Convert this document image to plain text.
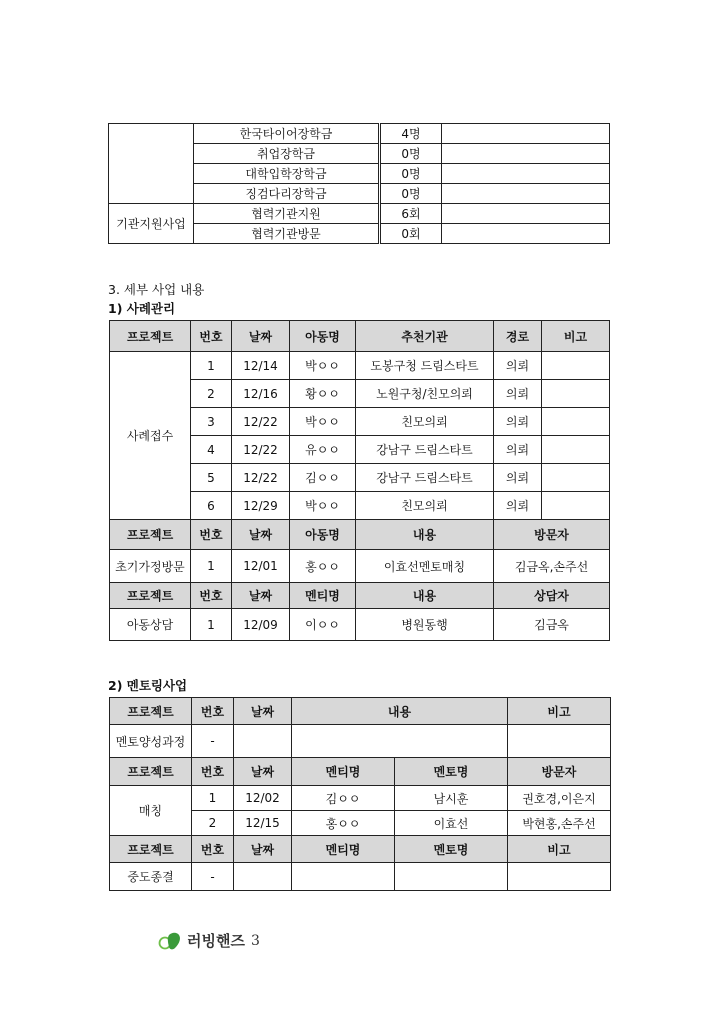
	한국타이어장학금	4명	
	취업장학금	0명	
	대학입학장학금	0명	
	징검다리장학금	0명	
기관지원사업	협력기관지원	6회	
	협력기관방문	0회	
3. 세부 사업 내용
1) 사례관리
프로젝트	번호	날짜	아동명	추천기관	경로	비고
사례접수	1	12/14	박ㅇㅇ	도봉구청 드림스타트	의뢰	
	2	12/16	황ㅇㅇ	노원구청/친모의뢰	의뢰	
	3	12/22	박ㅇㅇ	친모의뢰	의뢰	
	4	12/22	유ㅇㅇ	강남구 드림스타트	의뢰	
	5	12/22	김ㅇㅇ	강남구 드림스타트	의뢰	
	6	12/29	박ㅇㅇ	친모의뢰	의뢰	
프로젝트	번호	날짜	아동명	내용	방문자	
초기가정방문	1	12/01	홍ㅇㅇ	이효선멘토매칭	김금옥,손주선	
프로젝트	번호	날짜	멘티명	내용	상담자	
아동상담	1	12/09	이ㅇㅇ	병원동행	김금옥	
2) 멘토링사업
프로젝트	번호	날짜	내용		비고
멘토양성과정	-				
프로젝트	번호	날짜	멘티명	멘토명	방문자
매칭	1	12/02	김ㅇㅇ	남시훈	권호경,이은지
	2	12/15	홍ㅇㅇ	이효선	박현홍,손주선
프로젝트	번호	날짜	멘티명	멘토명	비고
중도종결	-				
러빙핸즈 3
